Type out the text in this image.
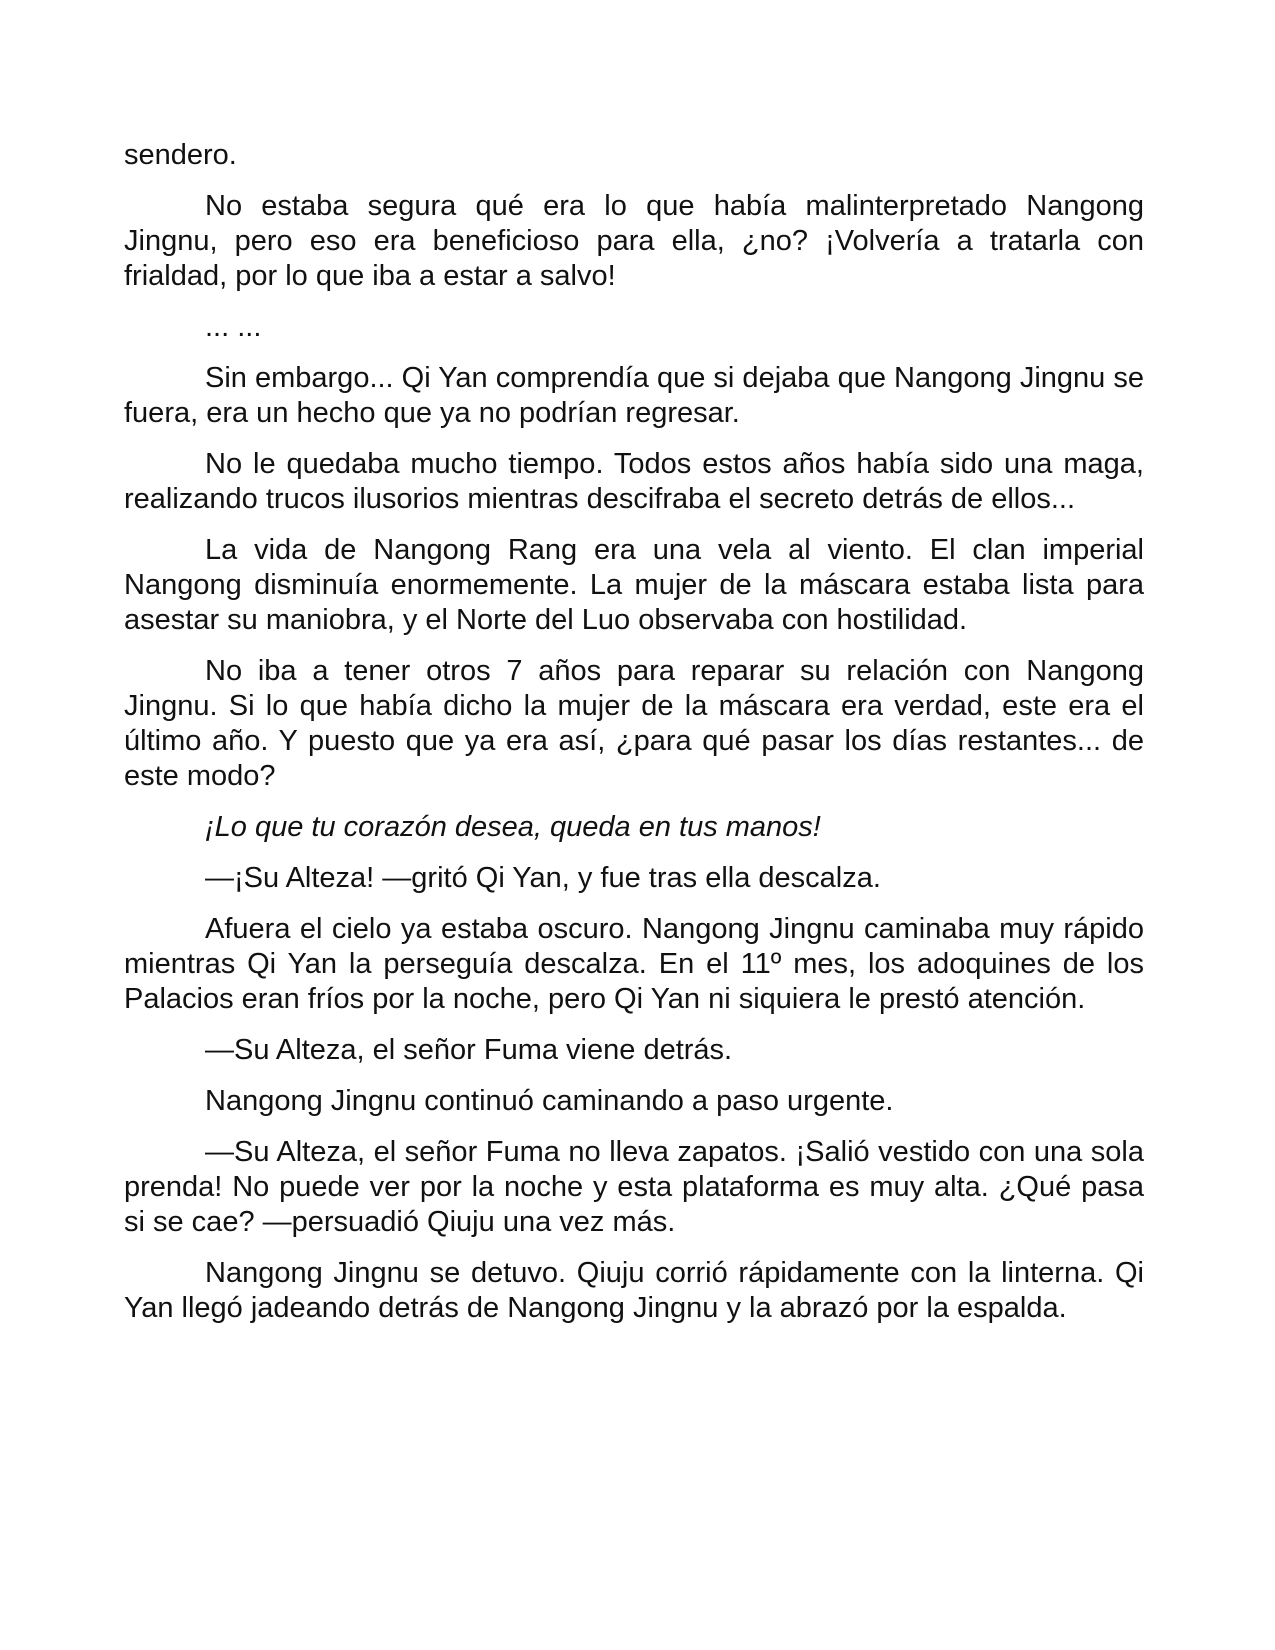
sendero.

No estaba segura qué era lo que había malinterpretado Nangong Jingnu, pero eso era beneficioso para ella, ¿no? ¡Volvería a tratarla con frialdad, por lo que iba a estar a salvo!

... ...

Sin embargo... Qi Yan comprendía que si dejaba que Nangong Jingnu se fuera, era un hecho que ya no podrían regresar.

No le quedaba mucho tiempo. Todos estos años había sido una maga, realizando trucos ilusorios mientras descifraba el secreto detrás de ellos...

La vida de Nangong Rang era una vela al viento. El clan imperial Nangong disminuía enormemente. La mujer de la máscara estaba lista para asestar su maniobra, y el Norte del Luo observaba con hostilidad.

No iba a tener otros 7 años para reparar su relación con Nangong Jingnu. Si lo que había dicho la mujer de la máscara era verdad, este era el último año. Y puesto que ya era así, ¿para qué pasar los días restantes... de este modo?

¡Lo que tu corazón desea, queda en tus manos!

—¡Su Alteza! —gritó Qi Yan, y fue tras ella descalza.

Afuera el cielo ya estaba oscuro. Nangong Jingnu caminaba muy rápido mientras Qi Yan la perseguía descalza. En el 11º mes, los adoquines de los Palacios eran fríos por la noche, pero Qi Yan ni siquiera le prestó atención.

—Su Alteza, el señor Fuma viene detrás.

Nangong Jingnu continuó caminando a paso urgente.

—Su Alteza, el señor Fuma no lleva zapatos. ¡Salió vestido con una sola prenda! No puede ver por la noche y esta plataforma es muy alta. ¿Qué pasa si se cae? —persuadió Qiuju una vez más.

Nangong Jingnu se detuvo. Qiuju corrió rápidamente con la linterna. Qi Yan llegó jadeando detrás de Nangong Jingnu y la abrazó por la espalda.
